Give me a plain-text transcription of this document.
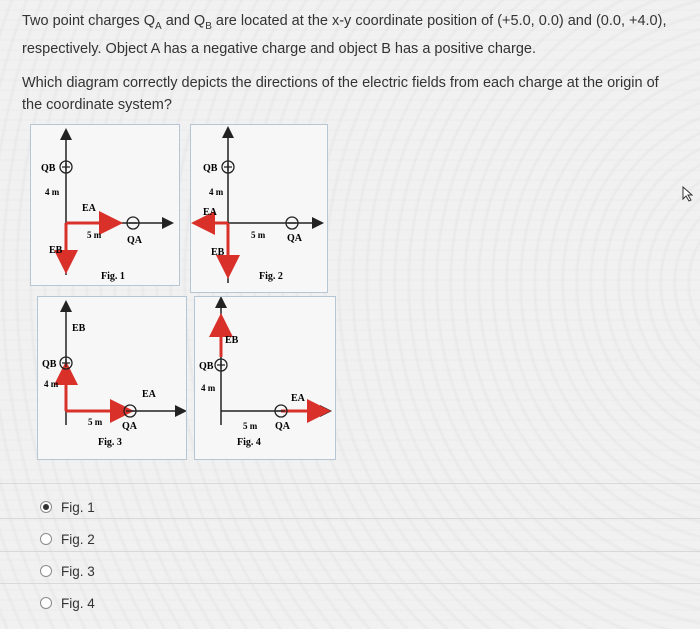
Two point charges $Q_A$ and $Q_B$ are located at the x-y coordinate position of (+5.0, 0.0) and (0.0, +4.0),
respectively. Object A has a negative charge and object B has a positive charge.

Which diagram correctly depicts the directions of the electric fields from each charge at the origin of
the coordinate system?

QB
4 m
EA
EB
5 m	QA
Fig. 1
QB
4 m
EA
EB
5 m QA
Fig. 2
EB
QB
4 m
EA
5 m QA
Fig. 3
EB
QB
4 m
EA
5 m QA
Fig. 4
Fig. 1
Fig. 2
Fig. 3
Fig. 4
